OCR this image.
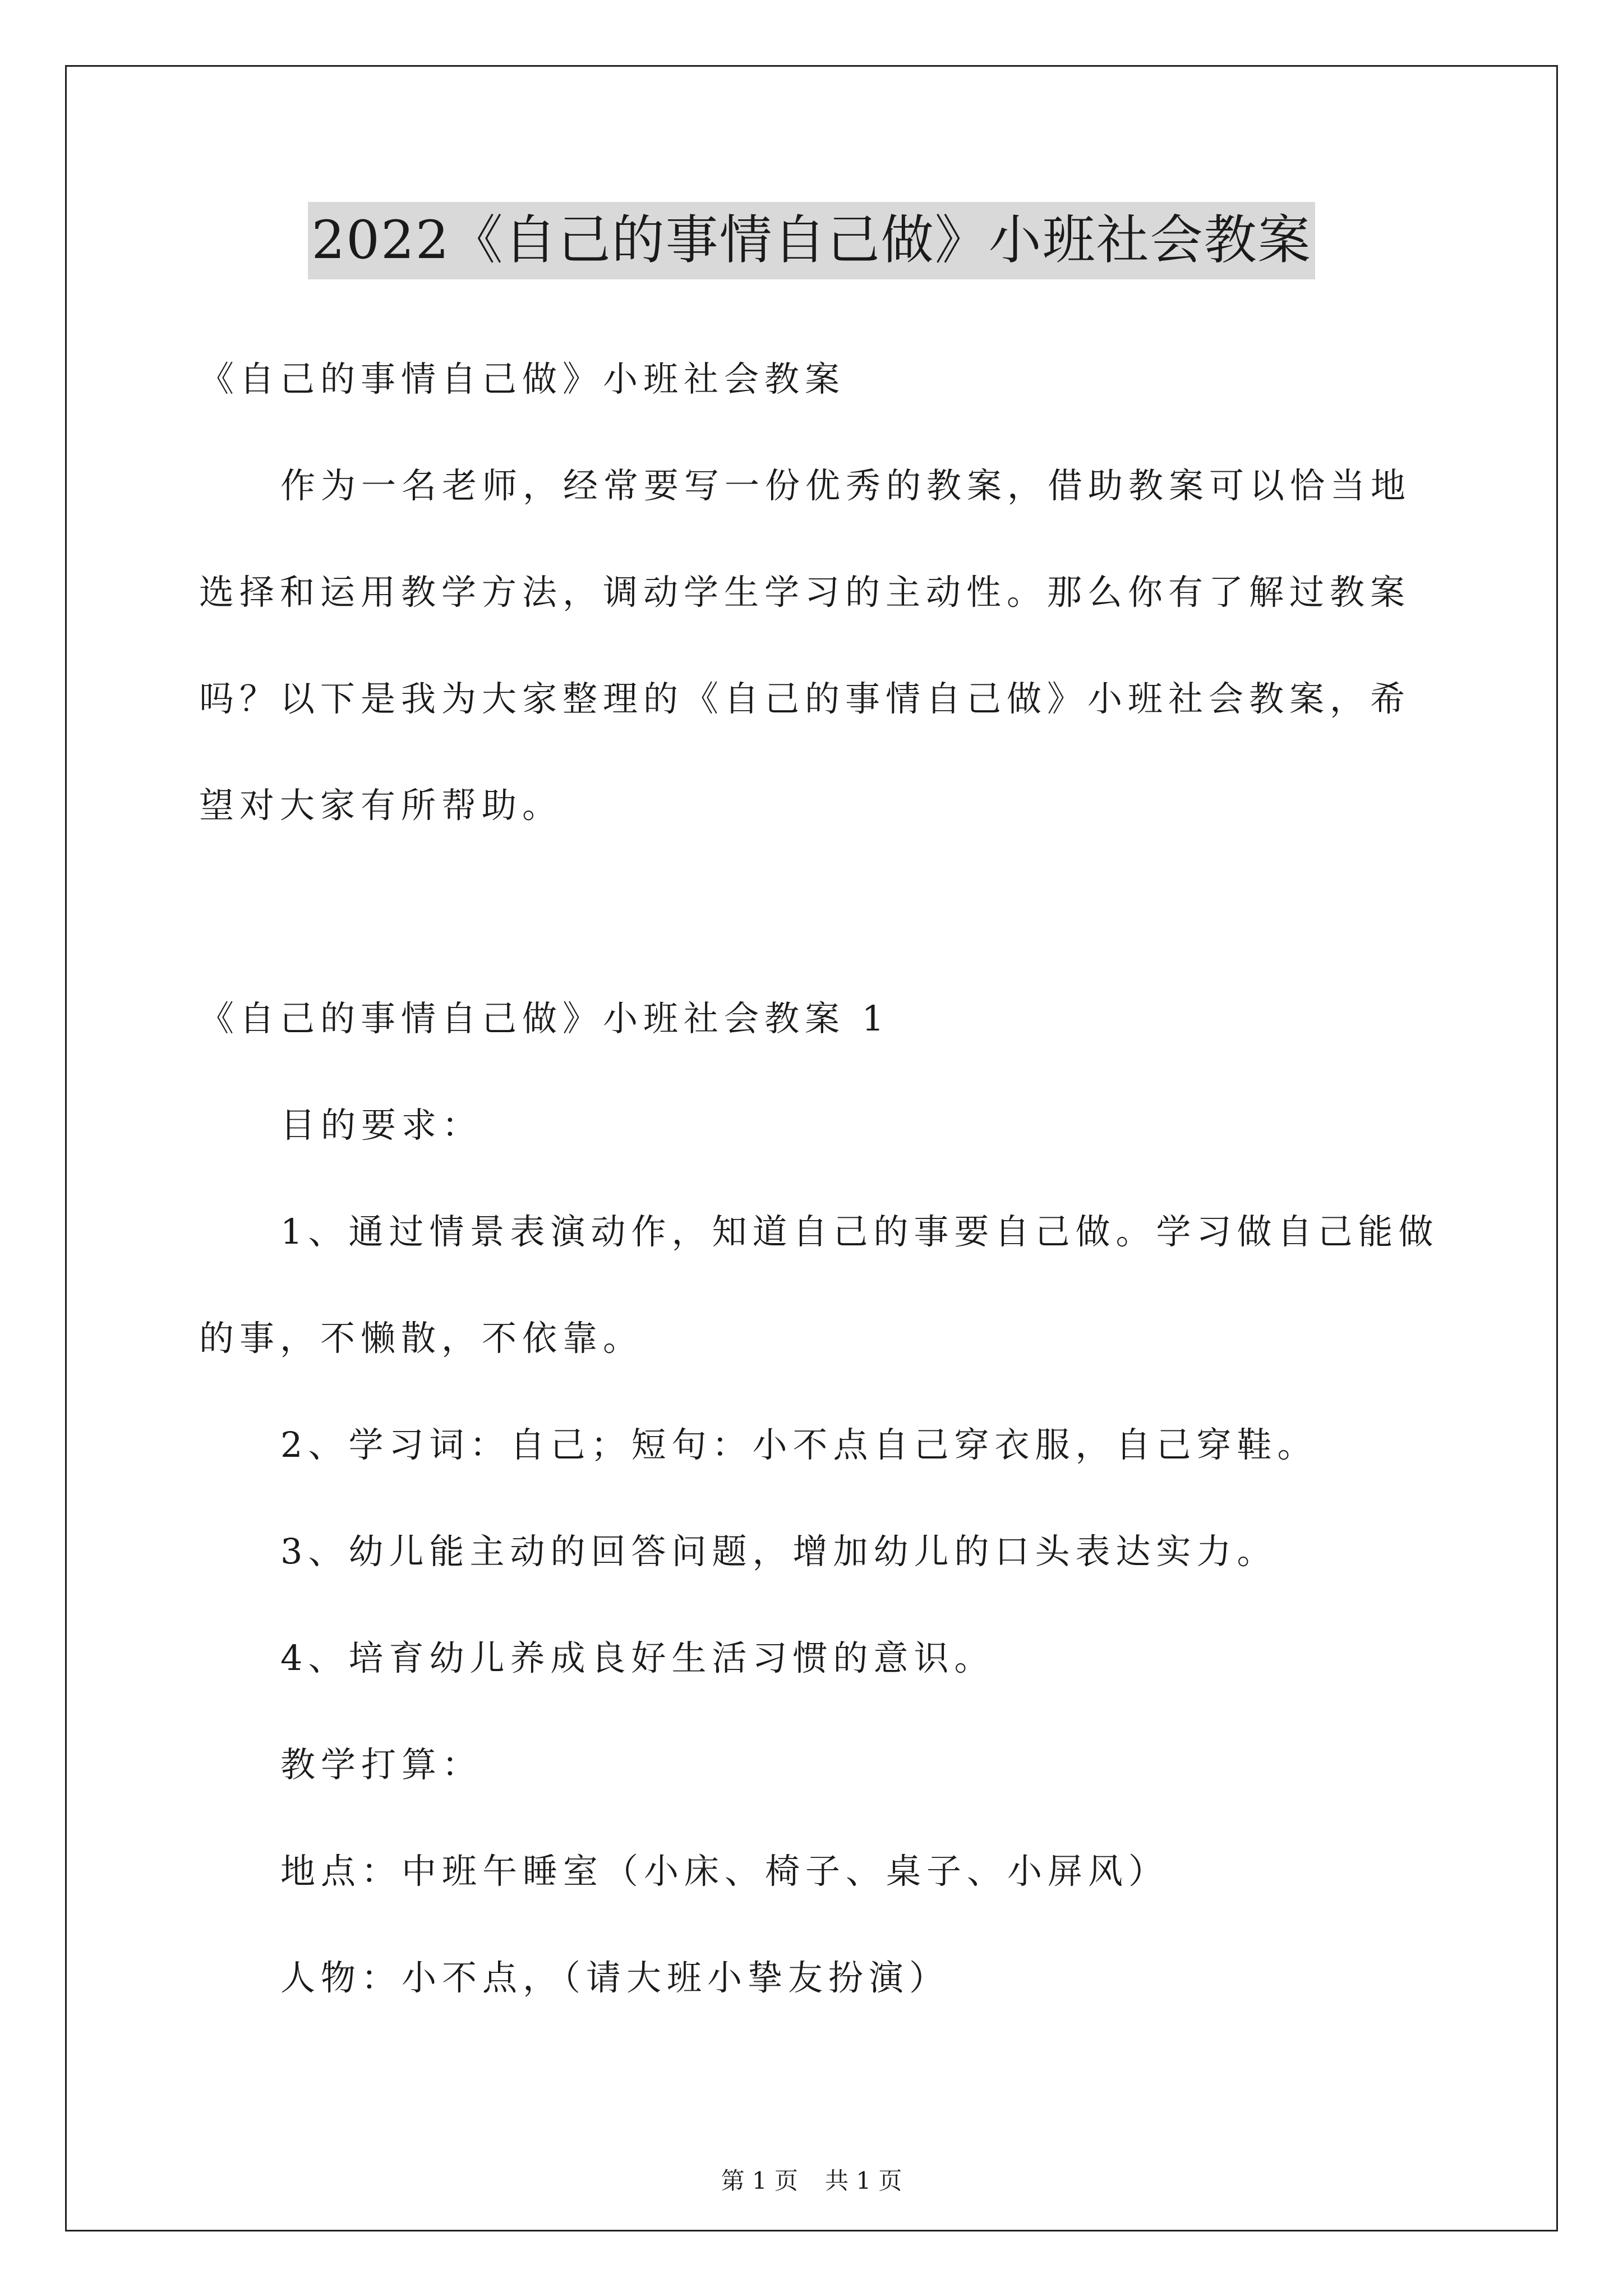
2022《自己的事情自己做》小班社会教案
《自己的事情自己做》小班社会教案
作为一名老师，经常要写一份优秀的教案，借助教案可以恰当地
选择和运用教学方法，调动学生学习的主动性。那么你有了解过教案
吗？以下是我为大家整理的《自己的事情自己做》小班社会教案，希
望对大家有所帮助。
《自己的事情自己做》小班社会教案 1
目的要求：
1、通过情景表演动作，知道自己的事要自己做。学习做自己能做
的事，不懒散，不依靠。
2、学习词：自己；短句：小不点自己穿衣服，自己穿鞋。
3、幼儿能主动的回答问题，增加幼儿的口头表达实力。
4、培育幼儿养成良好生活习惯的意识。
教学打算：
地点：中班午睡室（小床、椅子、桌子、小屏风）
人物：小不点，（请大班小挚友扮演）
第 1 页 共 1 页
